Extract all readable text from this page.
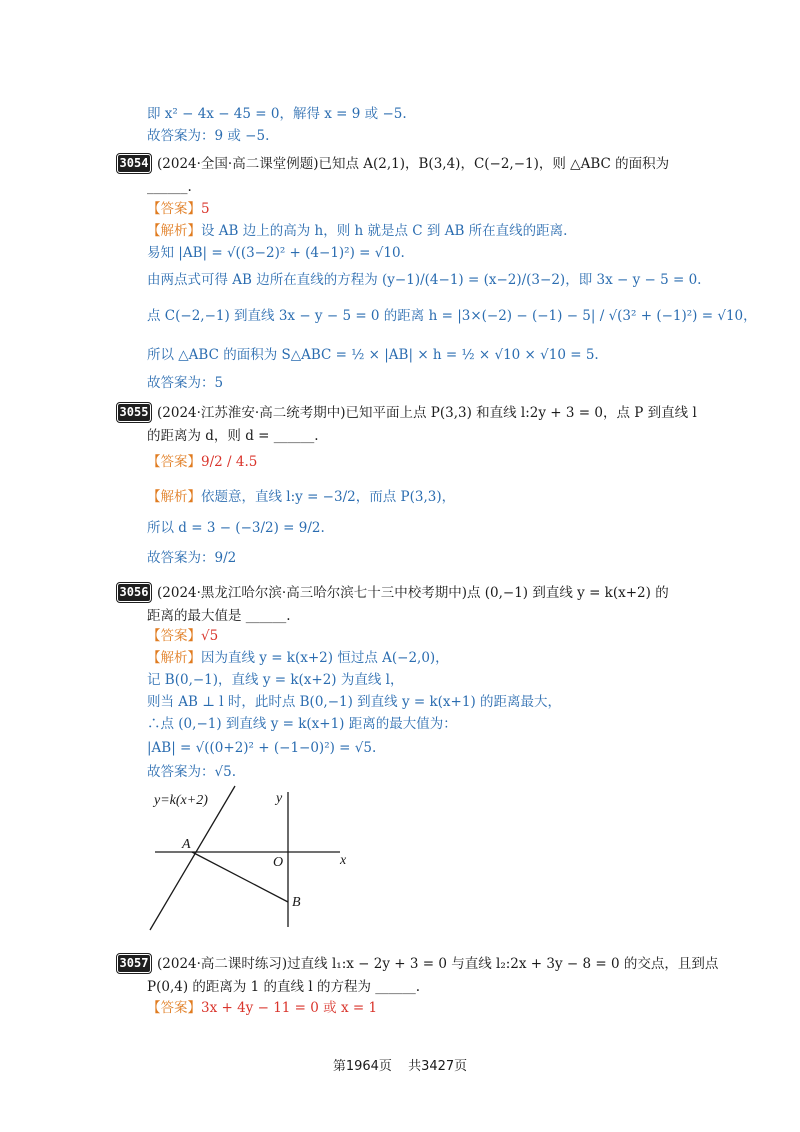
即 x² − 4x − 45 = 0，解得 x = 9 或 −5.
故答案为：9 或 −5.
3054 (2024·全国·高二课堂例题)已知点 A(2,1)，B(3,4)，C(−2,−1)，则 △ABC 的面积为
______.
【答案】5
【解析】设 AB 边上的高为 h，则 h 就是点 C 到 AB 所在直线的距离.
易知 |AB| = √((3−2)² + (4−1)²) = √10.
由两点式可得 AB 边所在直线的方程为 (y−1)/(4−1) = (x−2)/(3−2)，即 3x − y − 5 = 0.
点 C(−2,−1) 到直线 3x − y − 5 = 0 的距离 h = |3×(−2) − (−1) − 5| / √(3² + (−1)²) = √10，
所以 △ABC 的面积为 S△ABC = ½ × |AB| × h = ½ × √10 × √10 = 5.
故答案为：5
3055 (2024·江苏淮安·高二统考期中)已知平面上点 P(3,3) 和直线 l:2y + 3 = 0，点 P 到直线 l
的距离为 d，则 d = ______.
【答案】9/2 / 4.5
【解析】依题意，直线 l:y = −3/2，而点 P(3,3)，
所以 d = 3 − (−3/2) = 9/2.
故答案为：9/2
3056 (2024·黑龙江哈尔滨·高三哈尔滨七十三中校考期中)点 (0,−1) 到直线 y = k(x+2) 的
距离的最大值是 ______.
【答案】√5
【解析】因为直线 y = k(x+2) 恒过点 A(−2,0)，
记 B(0,−1)，直线 y = k(x+2) 为直线 l，
则当 AB ⊥ l 时，此时点 B(0,−1) 到直线 y = k(x+1) 的距离最大，
∴点 (0,−1) 到直线 y = k(x+1) 距离的最大值为：
|AB| = √((0+2)² + (−1−0)²) = √5.
故答案为：√5.
y=k(x+2)	y
x
O
A
B
3057 (2024·高二课时练习)过直线 l₁:x − 2y + 3 = 0 与直线 l₂:2x + 3y − 8 = 0 的交点，且到点
P(0,4) 的距离为 1 的直线 l 的方程为 ______.
【答案】3x + 4y − 11 = 0 或 x = 1
第1964页 共3427页
